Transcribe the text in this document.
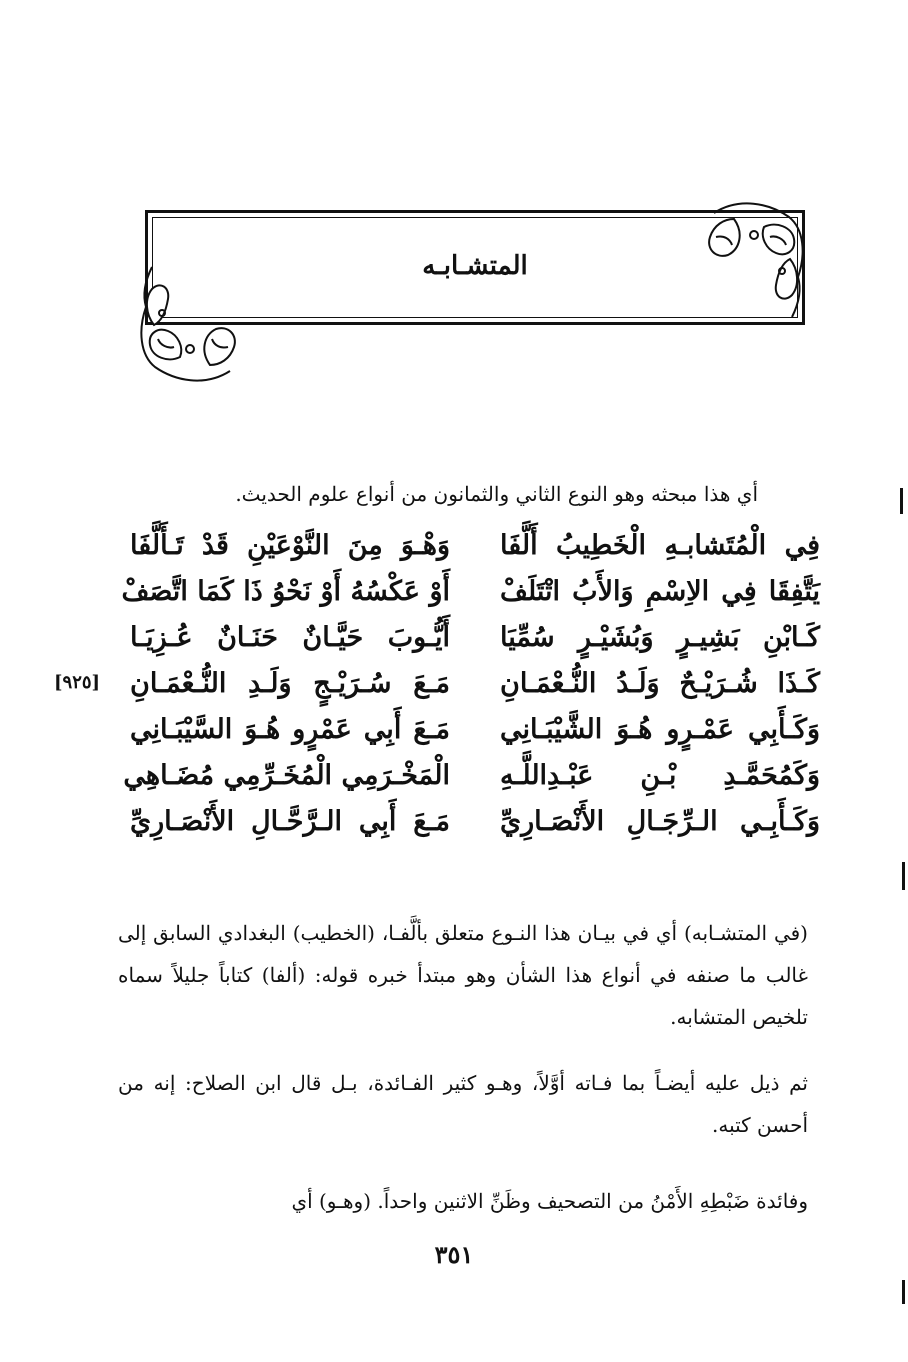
المتشـابـه
أي هذا مبحثه وهو النوع الثاني والثمانون من أنواع علوم الحديث.
فِي الْمُتَشابـهِ الْخَطِيبُ أَلَّفَا
وَهْـوَ مِنَ النَّوْعَيْنِ قَدْ تَـأَلَّفَا
يَتَّفِقَا فِي الاِسْمِ وَالأَبُ اتْتَلَفْ
أَوْ عَكْسُهُ أَوْ نَحْوُ ذَا كَمَا اتَّصَفْ
كَـابْنِ بَشِيـرٍ وَبُشَيْـرٍ سُمِّيَا
أَيُّـوبَ حَيَّـانٌ حَنَـانٌ عُـزِيَـا
كَـذَا شُـرَيْـحٌ وَلَـدُ النُّـعْمَـانِ
مَـعَ سُـرَيْـجٍ وَلَـدِ النُّـعْمَـانِ
[٩٢٥]
وَكَـأَبِي عَمْـرٍو هُـوَ الشَّيْبَـانِي
مَـعَ أَبِي عَمْرٍو هُـوَ السَّيْبَـانِي
وَكَمُحَمَّـدِ بْـنِ عَبْـدِاللَّـهِ
الْمَخْـرَمِي الْمُخَـرِّمِي مُضَـاهِي
وَكَـأَبِـي الـرِّجَـالِ الأَنْصَـارِيِّ
مَـعَ أَبِي الـرَّحَّـالِ الأَنْصَـارِيِّ

(في المتشـابه) أي في بيـان هذا النـوع متعلق بألَّفـا، (الخطيب) البغدادي السابق إلى غالب ما صنفه في أنواع هذا الشأن وهو مبتدأ خبره قوله: (ألفا) كتاباً جليلاً سماه تلخيص المتشابه.

ثم ذيل عليه أيضـاً بما فـاته أوَّلاً، وهـو كثير الفـائدة، بـل قال ابن الصلاح: إنه من أحسن كتبه.

وفائدة ضَبْطِهِ الأَمْنُ من التصحيف وظَنِّ الاثنين واحداً. (وهـو) أي

٣٥١
